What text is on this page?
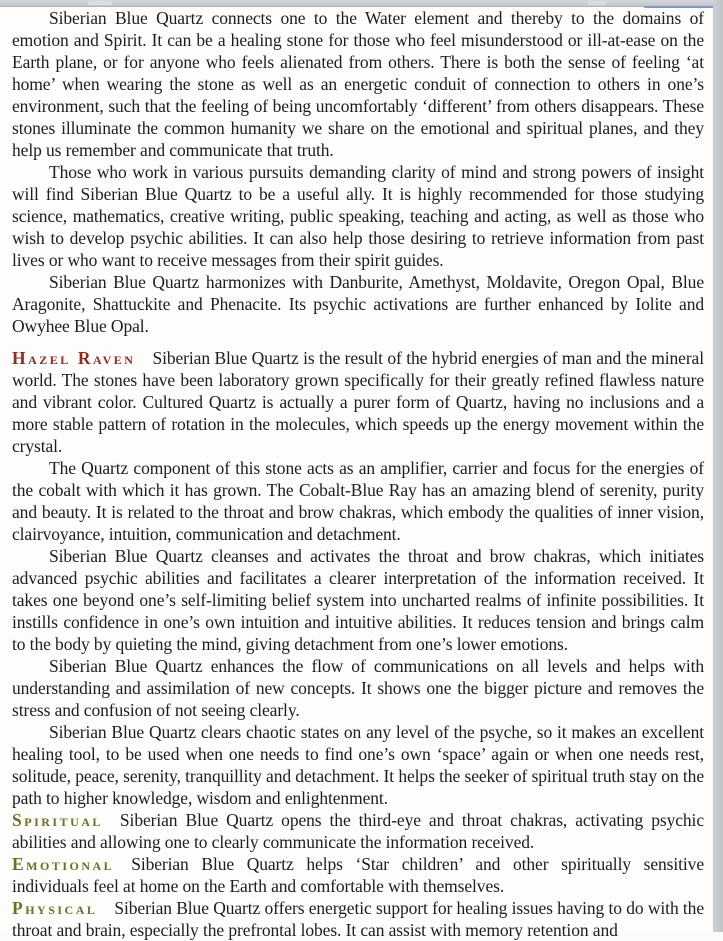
Siberian Blue Quartz connects one to the Water element and thereby to the domains of emotion and Spirit. It can be a healing stone for those who feel misunderstood or ill-at-ease on the Earth plane, or for anyone who feels alienated from others. There is both the sense of feeling ‘at home’ when wearing the stone as well as an energetic conduit of connection to others in one’s environment, such that the feeling of being uncomfortably ‘different’ from others disappears. These stones illuminate the common humanity we share on the emotional and spiritual planes, and they help us remember and communicate that truth.

Those who work in various pursuits demanding clarity of mind and strong powers of insight will find Siberian Blue Quartz to be a useful ally. It is highly recommended for those studying science, mathematics, creative writing, public speaking, teaching and acting, as well as those who wish to develop psychic abilities. It can also help those desiring to retrieve information from past lives or who want to receive messages from their spirit guides.

Siberian Blue Quartz harmonizes with Danburite, Amethyst, Moldavite, Oregon Opal, Blue Aragonite, Shattuckite and Phenacite. Its psychic activations are further enhanced by Iolite and Owyhee Blue Opal.

Hazel Raven Siberian Blue Quartz is the result of the hybrid energies of man and the mineral world. The stones have been laboratory grown specifically for their greatly refined flawless nature and vibrant color. Cultured Quartz is actually a purer form of Quartz, having no inclusions and a more stable pattern of rotation in the molecules, which speeds up the energy movement within the crystal.

The Quartz component of this stone acts as an amplifier, carrier and focus for the energies of the cobalt with which it has grown. The Cobalt-Blue Ray has an amazing blend of serenity, purity and beauty. It is related to the throat and brow chakras, which embody the qualities of inner vision, clairvoyance, intuition, communication and detachment.

Siberian Blue Quartz cleanses and activates the throat and brow chakras, which initiates advanced psychic abilities and facilitates a clearer interpretation of the information received. It takes one beyond one’s self-limiting belief system into uncharted realms of infinite possibilities. It instills confidence in one’s own intuition and intuitive abilities. It reduces tension and brings calm to the body by quieting the mind, giving detachment from one’s lower emotions.

Siberian Blue Quartz enhances the flow of communications on all levels and helps with understanding and assimilation of new concepts. It shows one the bigger picture and removes the stress and confusion of not seeing clearly.

Siberian Blue Quartz clears chaotic states on any level of the psyche, so it makes an excellent healing tool, to be used when one needs to find one’s own ‘space’ again or when one needs rest, solitude, peace, serenity, tranquillity and detachment. It helps the seeker of spiritual truth stay on the path to higher knowledge, wisdom and enlightenment.

Spiritual Siberian Blue Quartz opens the third-eye and throat chakras, activating psychic abilities and allowing one to clearly communicate the information received.

Emotional Siberian Blue Quartz helps ‘Star children’ and other spiritually sensitive individuals feel at home on the Earth and comfortable with themselves.

Physical Siberian Blue Quartz offers energetic support for healing issues having to do with the throat and brain, especially the prefrontal lobes. It can assist with memory retention and
